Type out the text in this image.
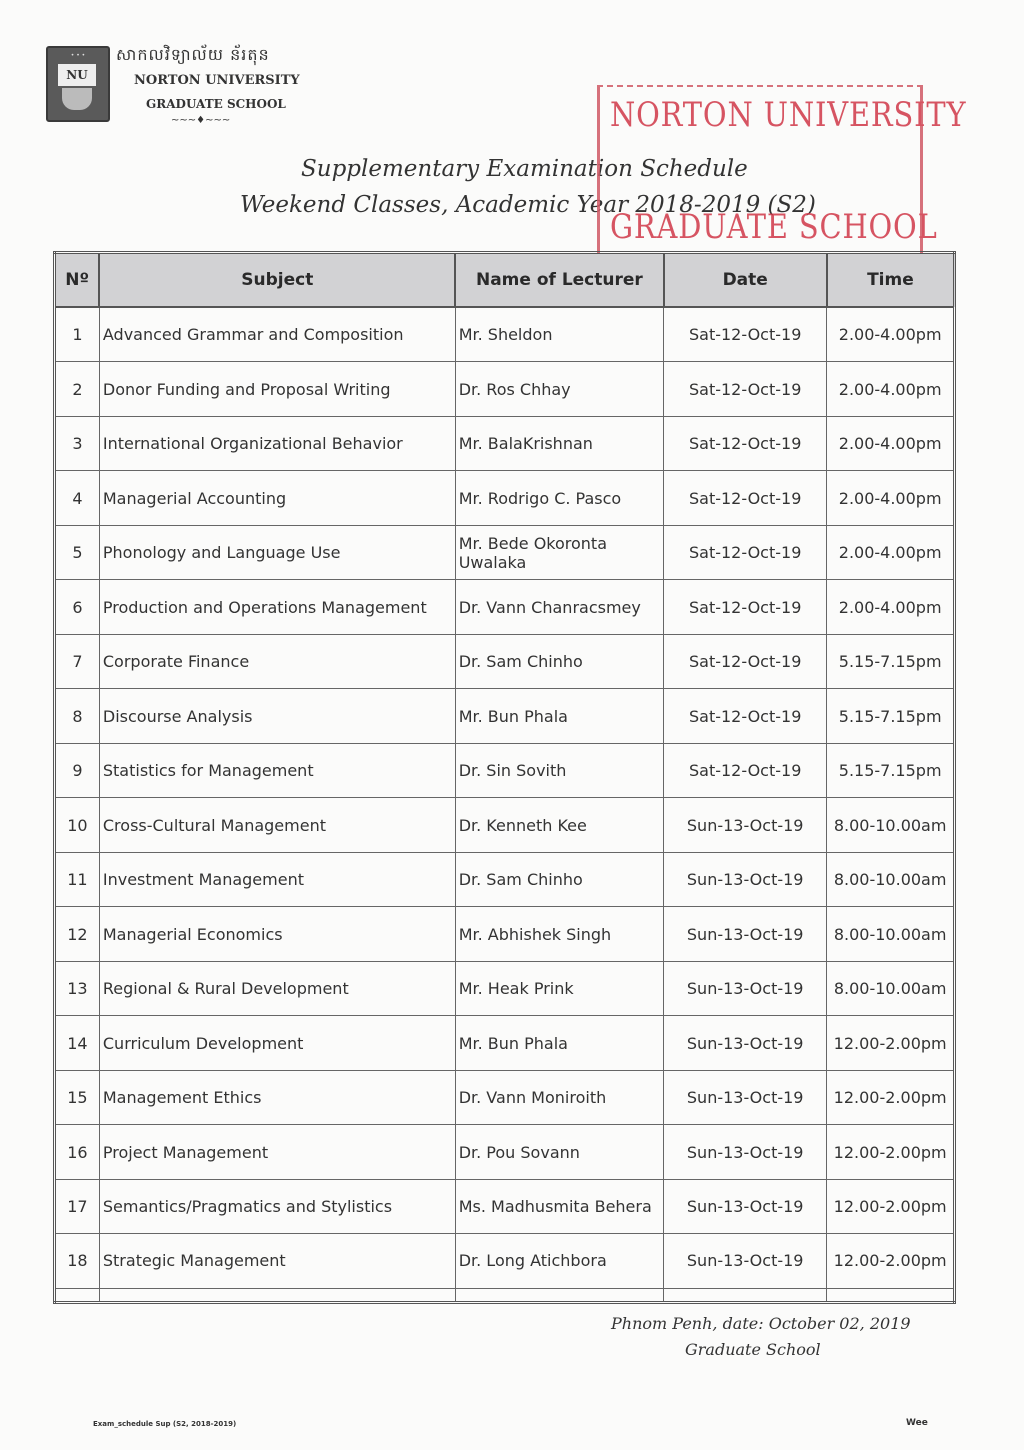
• • •
NU
សាកលវិទ្យាល័យ ន័រតុន
NORTON UNIVERSITY
GRADUATE SCHOOL
~~~♦~~~
Supplementary Examination Schedule
Weekend Classes, Academic Year 2018-2019 (S2)
NORTON UNIVERSITY
GRADUATE SCHOOL
Nº	Subject	Name of Lecturer	Date	Time
1	Advanced Grammar and Composition	Mr. Sheldon	Sat-12-Oct-19	2.00-4.00pm
2	Donor Funding and Proposal Writing	Dr. Ros Chhay	Sat-12-Oct-19	2.00-4.00pm
3	International Organizational Behavior	Mr. BalaKrishnan	Sat-12-Oct-19	2.00-4.00pm
4	Managerial Accounting	Mr. Rodrigo C. Pasco	Sat-12-Oct-19	2.00-4.00pm
5	Phonology and Language Use	Mr. Bede Okoronta Uwalaka	Sat-12-Oct-19	2.00-4.00pm
6	Production and Operations Management	Dr. Vann Chanracsmey	Sat-12-Oct-19	2.00-4.00pm
7	Corporate Finance	Dr. Sam Chinho	Sat-12-Oct-19	5.15-7.15pm
8	Discourse Analysis	Mr. Bun Phala	Sat-12-Oct-19	5.15-7.15pm
9	Statistics for Management	Dr. Sin Sovith	Sat-12-Oct-19	5.15-7.15pm
10	Cross-Cultural Management	Dr. Kenneth Kee	Sun-13-Oct-19	8.00-10.00am
11	Investment Management	Dr. Sam Chinho	Sun-13-Oct-19	8.00-10.00am
12	Managerial Economics	Mr. Abhishek Singh	Sun-13-Oct-19	8.00-10.00am
13	Regional & Rural Development	Mr. Heak Prink	Sun-13-Oct-19	8.00-10.00am
14	Curriculum Development	Mr. Bun Phala	Sun-13-Oct-19	12.00-2.00pm
15	Management Ethics	Dr. Vann Moniroith	Sun-13-Oct-19	12.00-2.00pm
16	Project Management	Dr. Pou Sovann	Sun-13-Oct-19	12.00-2.00pm
17	Semantics/Pragmatics and Stylistics	Ms. Madhusmita Behera	Sun-13-Oct-19	12.00-2.00pm
18	Strategic Management	Dr. Long Atichbora	Sun-13-Oct-19	12.00-2.00pm

Phnom Penh, date: October 02, 2019
Graduate School
Exam_schedule Sup (S2, 2018-2019)	Wee
